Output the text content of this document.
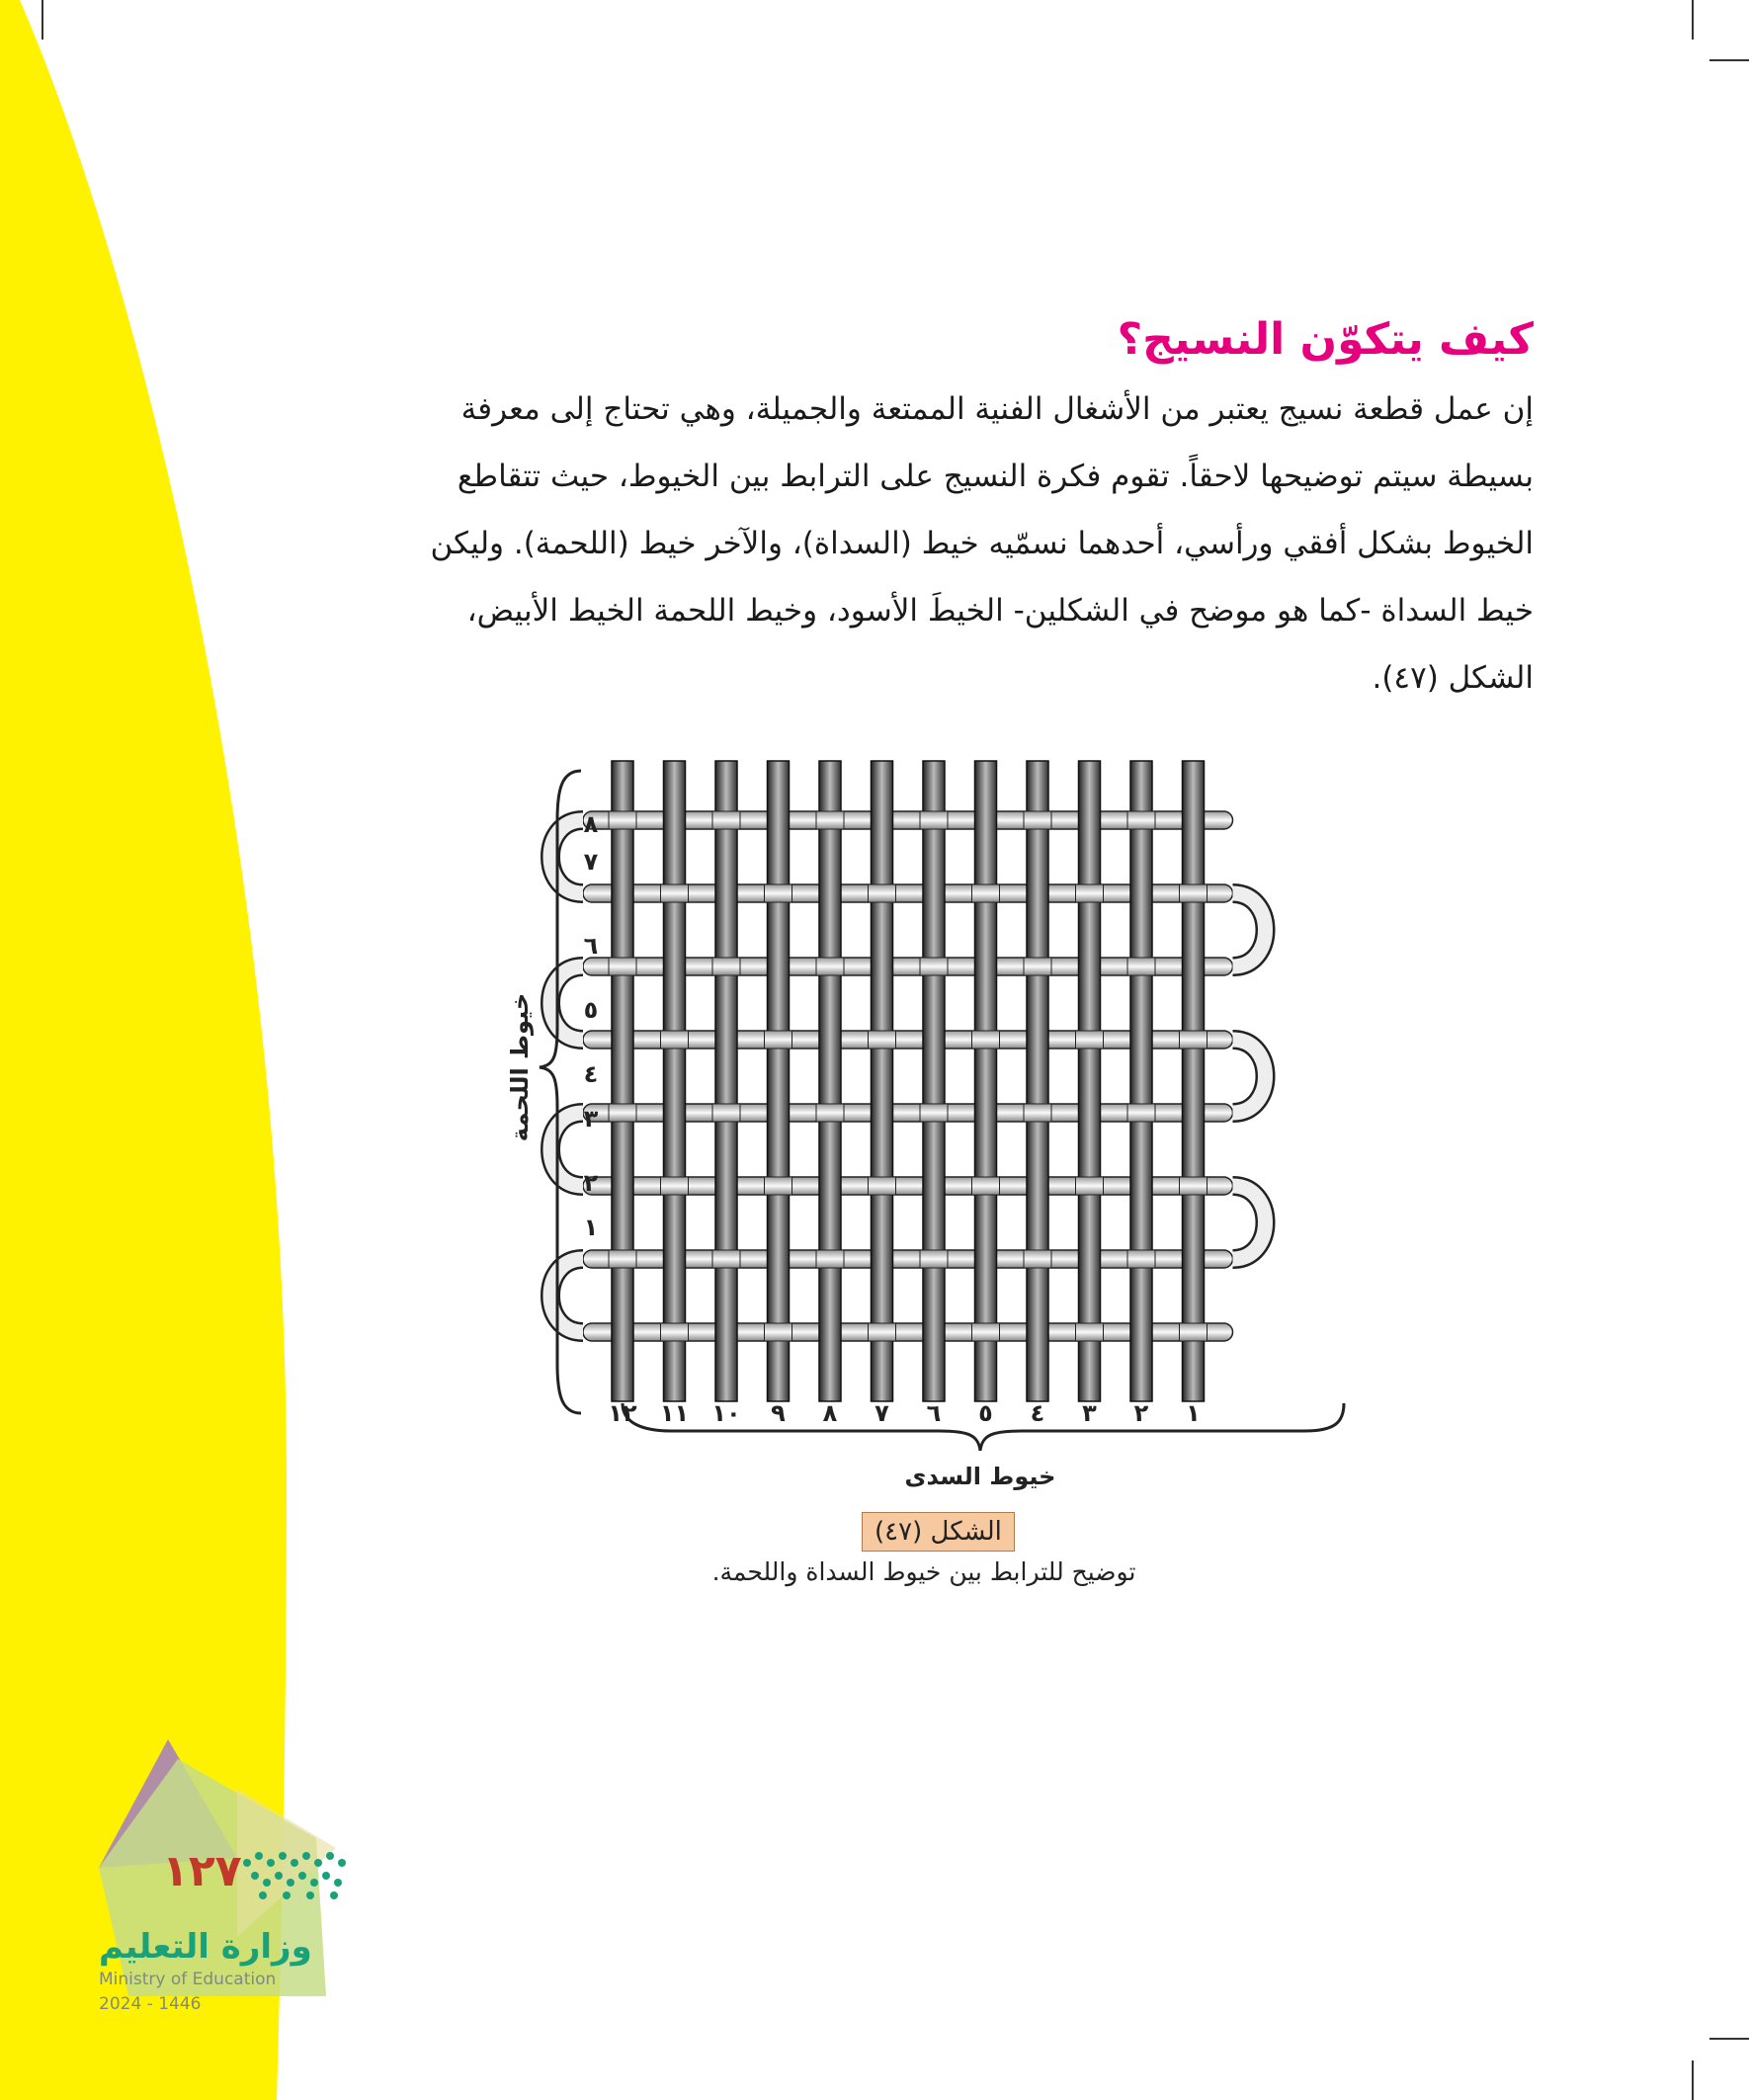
كيف يتكوّن النسيج؟

إن عمل قطعة نسيج يعتبر من الأشغال الفنية الممتعة والجميلة، وهي تحتاج إلى معرفة

بسيطة سيتم توضيحها لاحقاً. تقوم فكرة النسيج على الترابط بين الخيوط، حيث تتقاطع

الخيوط بشكل أفقي ورأسي، أحدهما نسمّيه خيط (السداة)، والآخر خيط (اللحمة). وليكن

خيط السداة -كما هو موضح في الشكلين- الخيطَ الأسود، وخيط اللحمة الخيط الأبيض،

الشكل (٤٧).

خيوط اللحمة
٨
٧
٦
٥
٤
٣
٢
١
١
٢
٣
٤
٥
٦
٧
٨
٩
١٠
١١
١٢
خيوط السدى
الشكل (٤٧)
توضيح للترابط بين خيوط السداة واللحمة.
١٢٧
وزارة التعليم
Ministry of Education
2024 - 1446
